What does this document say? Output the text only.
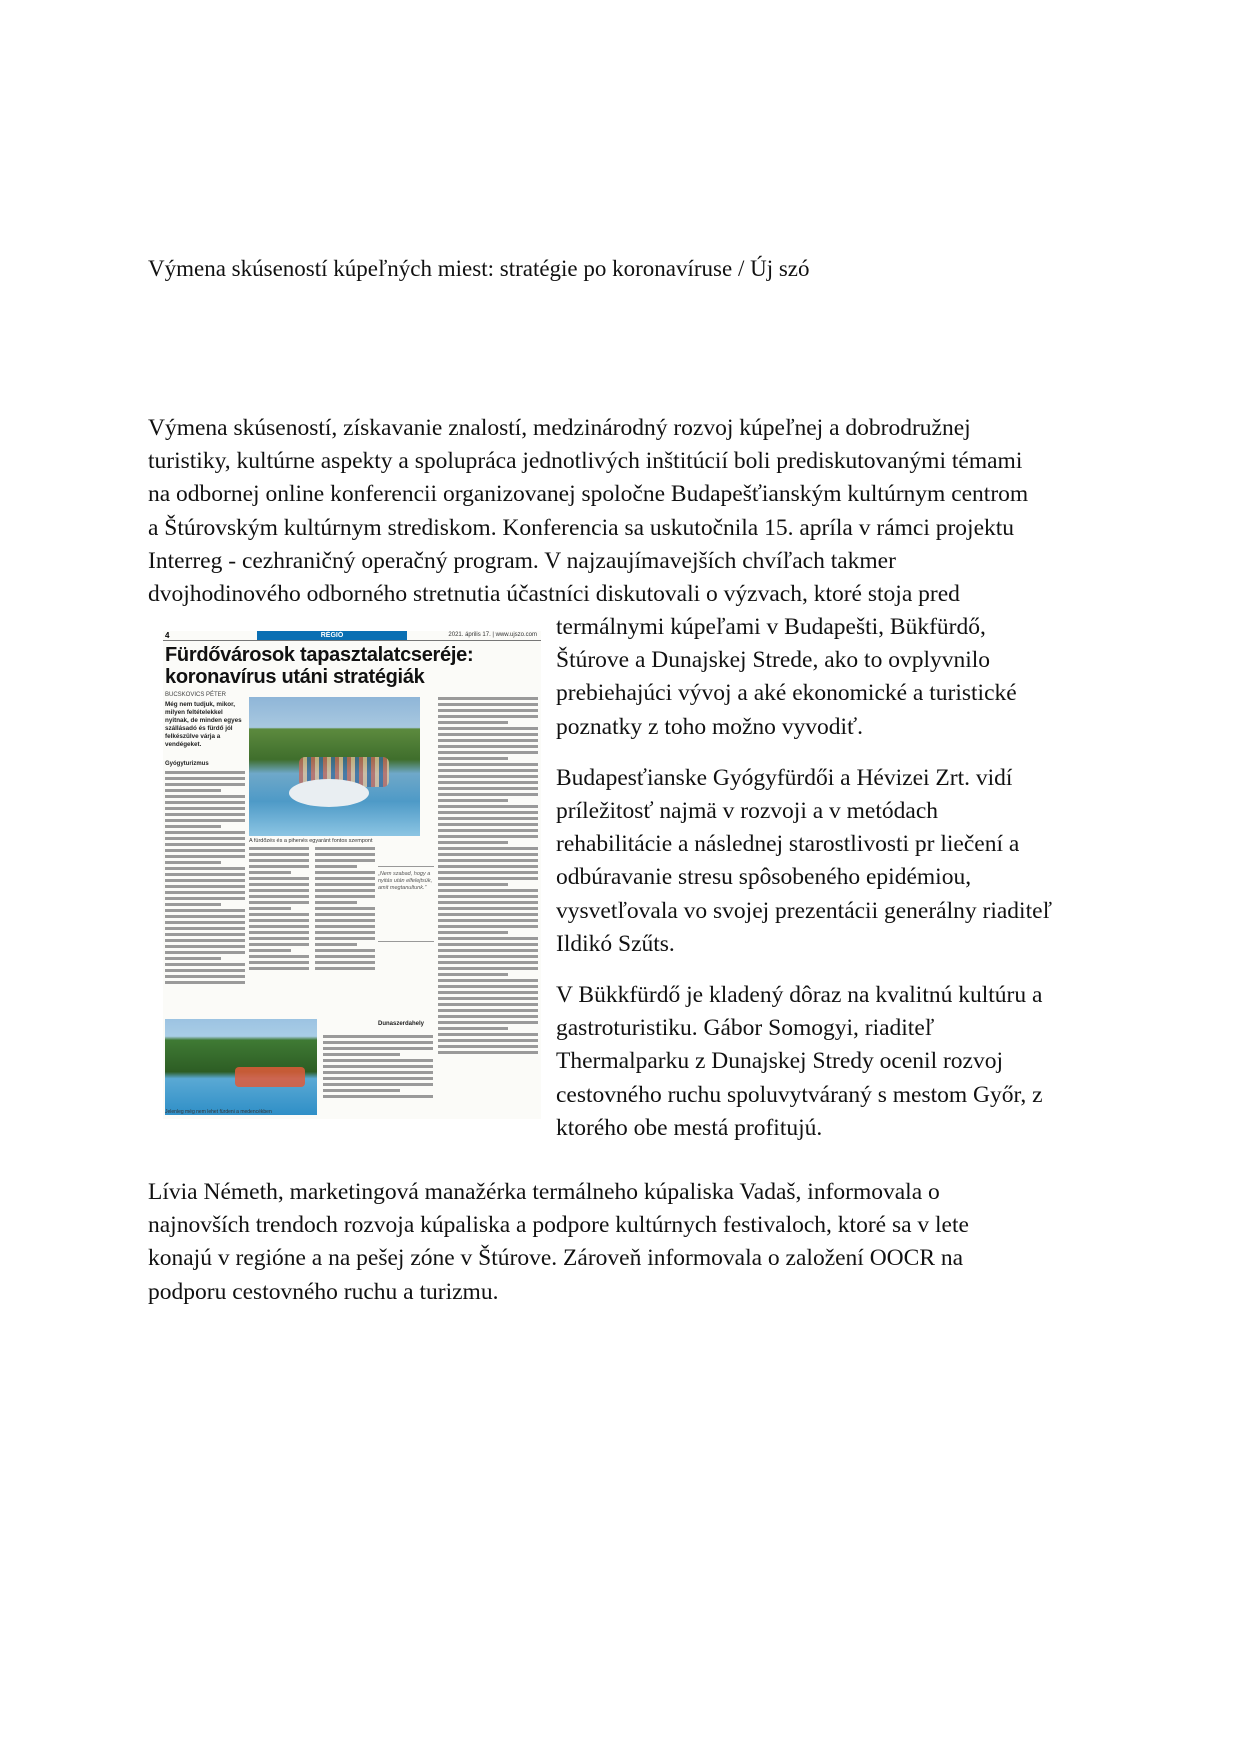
Výmena skúseností kúpeľných miest: stratégie po koronavíruse / Új szó

Výmena skúseností, získavanie znalostí, medzinárodný rozvoj kúpeľnej a dobrodružnej

turistiky, kultúrne aspekty a spolupráca jednotlivých inštitúcií boli prediskutovanými témami

na odbornej online konferencii organizovanej spoločne Budapešťianským kultúrnym centrom

a Štúrovským kultúrnym strediskom. Konferencia sa uskutočnila 15. apríla v rámci projektu

Interreg - cezhraničný operačný program. V najzaujímavejších chvíľach takmer

dvojhodinového odborného stretnutia účastníci diskutovali o výzvach, ktoré stoja pred

4	RÉGIÓ	2021. április 17. | www.ujszo.com
Fürdővárosok tapasztalatcseréje: koronavírus utáni stratégiák
BUCSKOVICS PÉTER
Még nem tudjuk, mikor, milyen feltételekkel nyitnak, de minden egyes szállásadó és fürdő jól felkészülve várja a vendégeket.
A fürdőzés és a pihenés egyaránt fontos szempont
Gyógyturizmus
„Nem szabad, hogy a nyitás után elfelejtsük, amit megtanultunk.”
Dunaszerdahely
Jelenleg még nem lehet fürdeni a medencékben

termálnymi kúpeľami v Budapešti, Bükfürdő,
Štúrove a Dunajskej Strede, ako to ovplyvnilo
prebiehajúci vývoj a aké ekonomické a turistické
poznatky z toho možno vyvodiť.

Budapesťianske Gyógyfürdői a Hévizei Zrt. vidí
príležitosť najmä v rozvoji a v metódach
rehabilitácie a následnej starostlivosti pr liečení a
odbúravanie stresu spôsobeného epidémiou,
vysvetľovala vo svojej prezentácii generálny riaditeľ
Ildikó Szűts.

V Bükkfürdő je kladený dôraz na kvalitnú kultúru a
gastroturistiku. Gábor Somogyi, riaditeľ
Thermalparku z Dunajskej Stredy ocenil rozvoj
cestovného ruchu spoluvytváraný s mestom Győr, z
ktorého obe mestá profitujú.

Lívia Németh, marketingová manažérka termálneho kúpaliska Vadaš, informovala o

najnovších trendoch rozvoja kúpaliska a podpore kultúrnych festivaloch, ktoré sa v lete

konajú v regióne a na pešej zóne v Štúrove. Zároveň informovala o založení OOCR na

podporu cestovného ruchu a turizmu.
